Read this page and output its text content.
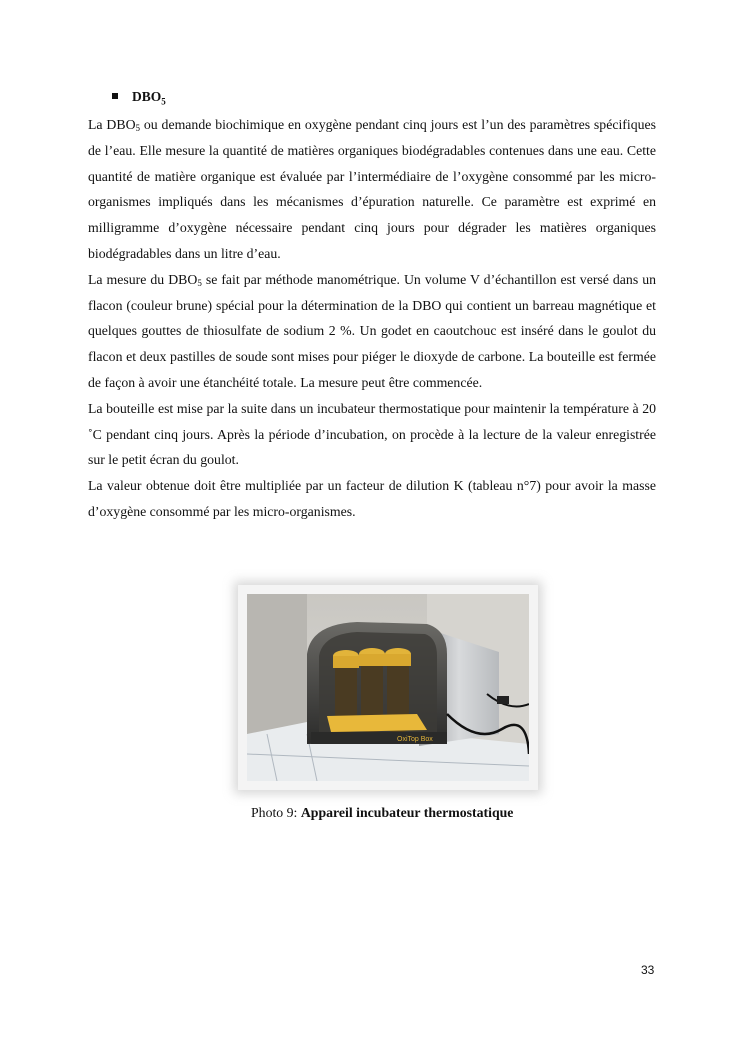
$DBO_5$

La $DBO_5$ ou demande biochimique en oxygène pendant cinq jours est l’un des paramètres spécifiques de l’eau. Elle mesure la quantité de matières organiques biodégradables contenues dans une eau. Cette quantité de matière organique est évaluée par l’intermédiaire de l’oxygène consommé par les micro-organismes impliqués dans les mécanismes d’épuration naturelle. Ce paramètre est exprimé en milligramme d’oxygène nécessaire pendant cinq jours pour dégrader les matières organiques biodégradables dans un litre d’eau.

La mesure du $DBO_5$ se fait par méthode manométrique. Un volume V d’échantillon est versé dans un flacon (couleur brune) spécial pour la détermination de la DBO qui contient un barreau magnétique et quelques gouttes de thiosulfate de sodium 2 %. Un godet en caoutchouc est inséré dans le goulot du flacon et deux pastilles de soude sont mises pour piéger le dioxyde de carbone. La bouteille est fermée de façon à avoir une étanchéité totale. La mesure peut être commencée.

La bouteille est mise par la suite dans un incubateur thermostatique pour maintenir la température à 20 ˚C pendant cinq jours. Après la période d’incubation, on procède à la lecture de la valeur enregistrée sur le petit écran du goulot.

La valeur obtenue doit être multipliée par un facteur de dilution K (tableau n°7) pour avoir la masse d’oxygène consommé par les micro-organismes.

OxiTop Box
Photo 9: Appareil incubateur thermostatique
33
